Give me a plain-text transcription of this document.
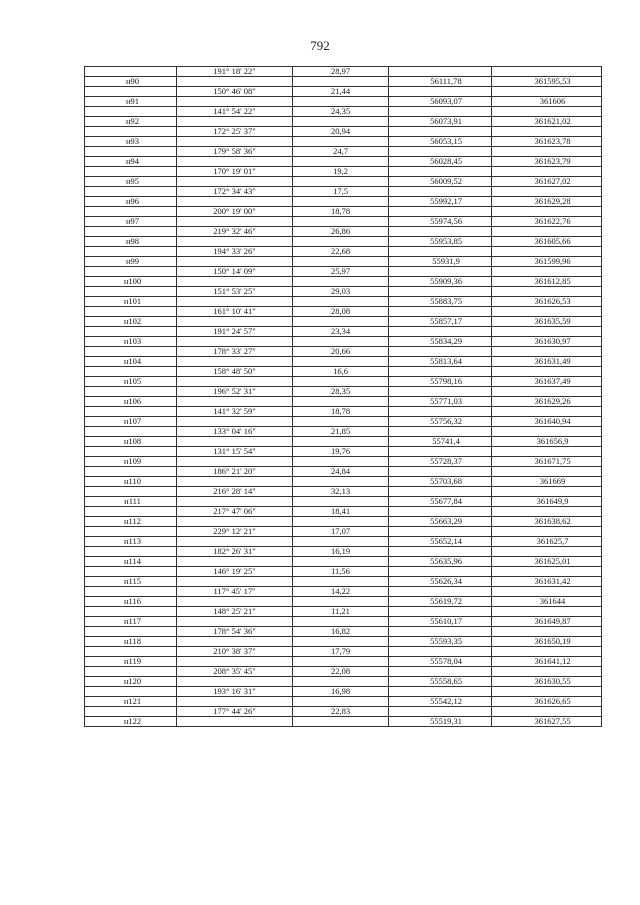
792
	191° 18' 22"	28,97		
н90			56111,78	361595,53
	150° 46' 08"	21,44		
н91			56093,07	361606
	141° 54' 22"	24,35		
н92			56073,91	361621,02
	172° 25' 37"	20,94		
н93			56053,15	361623,78
	179° 58' 36"	24,7		
н94			56028,45	361623,79
	170° 19' 01"	19,2		
н95			56009,52	361627,02
	172° 34' 43"	17,5		
н96			55992,17	361629,28
	200° 19' 00"	18,78		
н97			55974,56	361622,76
	219° 32' 46"	26,86		
н98			55953,85	361605,66
	194° 33' 26"	22,68		
н99			55931,9	361599,96
	150° 14' 09"	25,97		
н100			55909,36	361612,85
	151° 53' 25"	29,03		
н101			55883,75	361626,53
	161° 10' 41"	28,08		
н102			55857,17	361635,59
	191° 24' 57"	23,34		
н103			55834,29	361630,97
	178° 33' 27"	20,66		
н104			55813,64	361631,49
	158° 48' 50"	16,6		
н105			55798,16	361637,49
	196° 52' 31"	28,35		
н106			55771,03	361629,26
	141° 32' 59"	18,78		
н107			55756,32	361640,94
	133° 04' 16"	21,85		
н108			55741,4	361656,9
	131° 15' 54"	19,76		
н109			55728,37	361671,75
	186° 21' 20"	24,84		
н110			55703,68	361669
	216° 28' 14"	32,13		
н111			55677,84	361649,9
	217° 47' 06"	18,41		
н112			55663,29	361638,62
	229° 12' 21"	17,07		
н113			55652,14	361625,7
	182° 26' 31"	16,19		
н114			55635,96	361625,01
	146° 19' 25"	11,56		
н115			55626,34	361631,42
	117° 45' 17"	14,22		
н116			55619,72	361644
	148° 25' 21"	11,21		
н117			55610,17	361649,87
	178° 54' 36"	16,82		
н118			55593,35	361650,19
	210° 38' 37"	17,79		
н119			55578,04	361641,12
	208° 35' 45"	22,08		
н120			55558,65	361630,55
	193° 16' 31"	16,98		
н121			55542,12	361626,65
	177° 44' 26"	22,83		
н122			55519,31	361627,55
